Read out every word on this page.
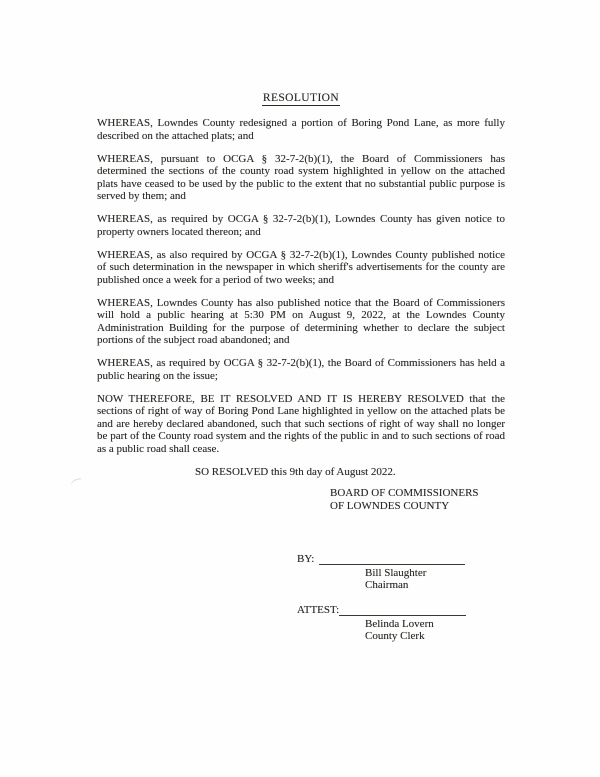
RESOLUTION

WHEREAS, Lowndes County redesigned a portion of Boring Pond Lane, as more fully described on the attached plats; and

WHEREAS, pursuant to OCGA § 32-7-2(b)(1), the Board of Commissioners has determined the sections of the county road system highlighted in yellow on the attached plats have ceased to be used by the public to the extent that no substantial public purpose is served by them; and

WHEREAS, as required by OCGA § 32-7-2(b)(1), Lowndes County has given notice to property owners located thereon; and

WHEREAS, as also required by OCGA § 32-7-2(b)(1), Lowndes County published notice of such determination in the newspaper in which sheriff's advertisements for the county are published once a week for a period of two weeks; and

WHEREAS, Lowndes County has also published notice that the Board of Commissioners will hold a public hearing at 5:30 PM on August 9, 2022, at the Lowndes County Administration Building for the purpose of determining whether to declare the subject portions of the subject road abandoned; and

WHEREAS, as required by OCGA § 32-7-2(b)(1), the Board of Commissioners has held a public hearing on the issue;

NOW THEREFORE, BE IT RESOLVED AND IT IS HEREBY RESOLVED that the sections of right of way of Boring Pond Lane highlighted in yellow on the attached plats be and are hereby declared abandoned, such that such sections of right of way shall no longer be part of the County road system and the rights of the public in and to such sections of road as a public road shall cease.

SO RESOLVED this 9th day of August 2022.
BOARD OF COMMISSIONERS
OF LOWNDES COUNTY
BY:
Bill Slaughter
Chairman
ATTEST:
Belinda Lovern
County Clerk
